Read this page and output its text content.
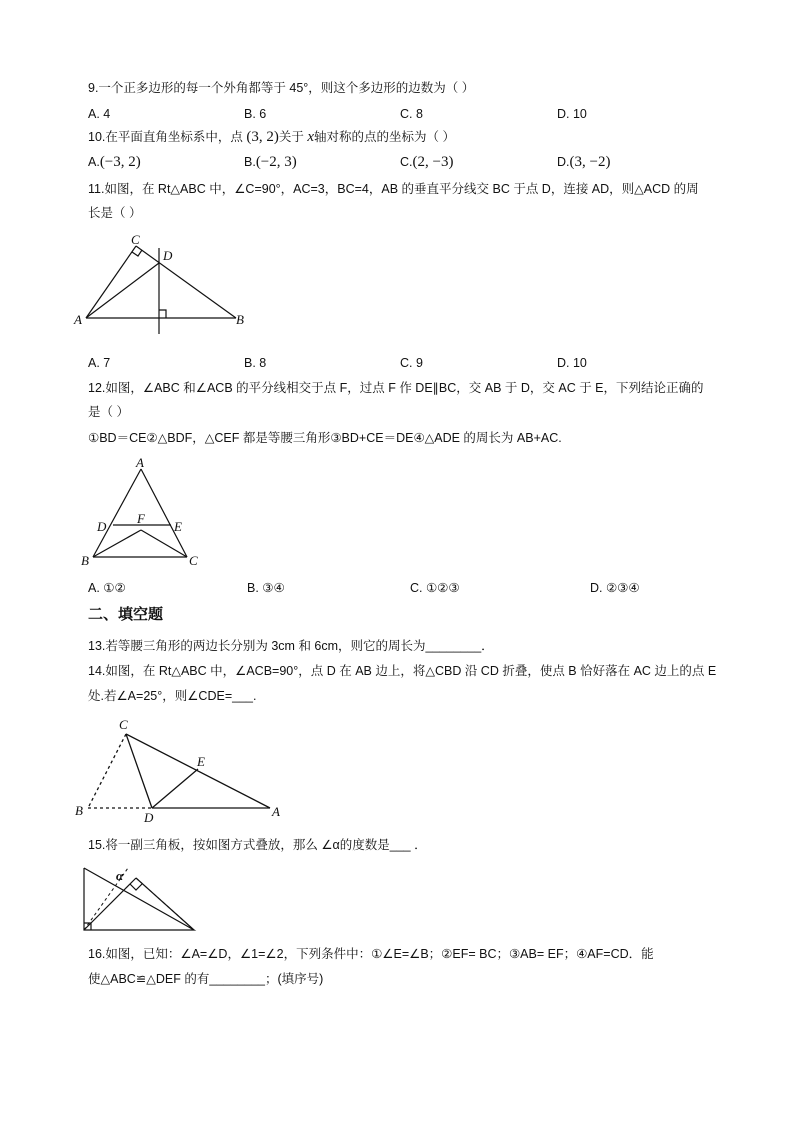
9.一个正多边形的每一个外角都等于 45°，则这个多边形的边数为（ ）
A. 4	B. 6	C. 8	D. 10
10.在平面直角坐标系中，点 (3, 2)关于 x轴对称的点的坐标为（ ）
A.(−3, 2)	B.(−2, 3)	C.(2, −3)	D.(3, −2)
11.如图，在 Rt△ABC 中，∠C=90°，AC=3，BC=4，AB 的垂直平分线交 BC 于点 D，连接 AD，则△ACD 的周
长是（ ）
C
D
A	B
A. 7	B. 8	C. 9	D. 10
12.如图，∠ABC 和∠ACB 的平分线相交于点 F，过点 F 作 DE∥BC，交 AB 于 D，交 AC 于 E，下列结论正确的
是（ ）
①BD＝CE②△BDF，△CEF 都是等腰三角形③BD+CE＝DE④△ADE 的周长为 AB+AC.
A
D
F
E
B	C
A. ①②	B. ③④	C. ①②③	D. ②③④
二、填空题
13.若等腰三角形的两边长分别为 3cm 和 6cm，则它的周长为________．
14.如图，在 Rt△ABC 中，∠ACB=90°，点 D 在 AB 边上，将△CBD 沿 CD 折叠，使点 B 恰好落在 AC 边上的点 E
处.若∠A=25°，则∠CDE=___.
C
E
B	D	A
15.将一副三角板，按如图方式叠放，那么 ∠α的度数是___ ．
α
16.如图，已知：∠A=∠D，∠1=∠2，下列条件中：①∠E=∠B；②EF= BC；③AB= EF；④AF=CD．能
使△ABC≌△DEF 的有________；(填序号)
